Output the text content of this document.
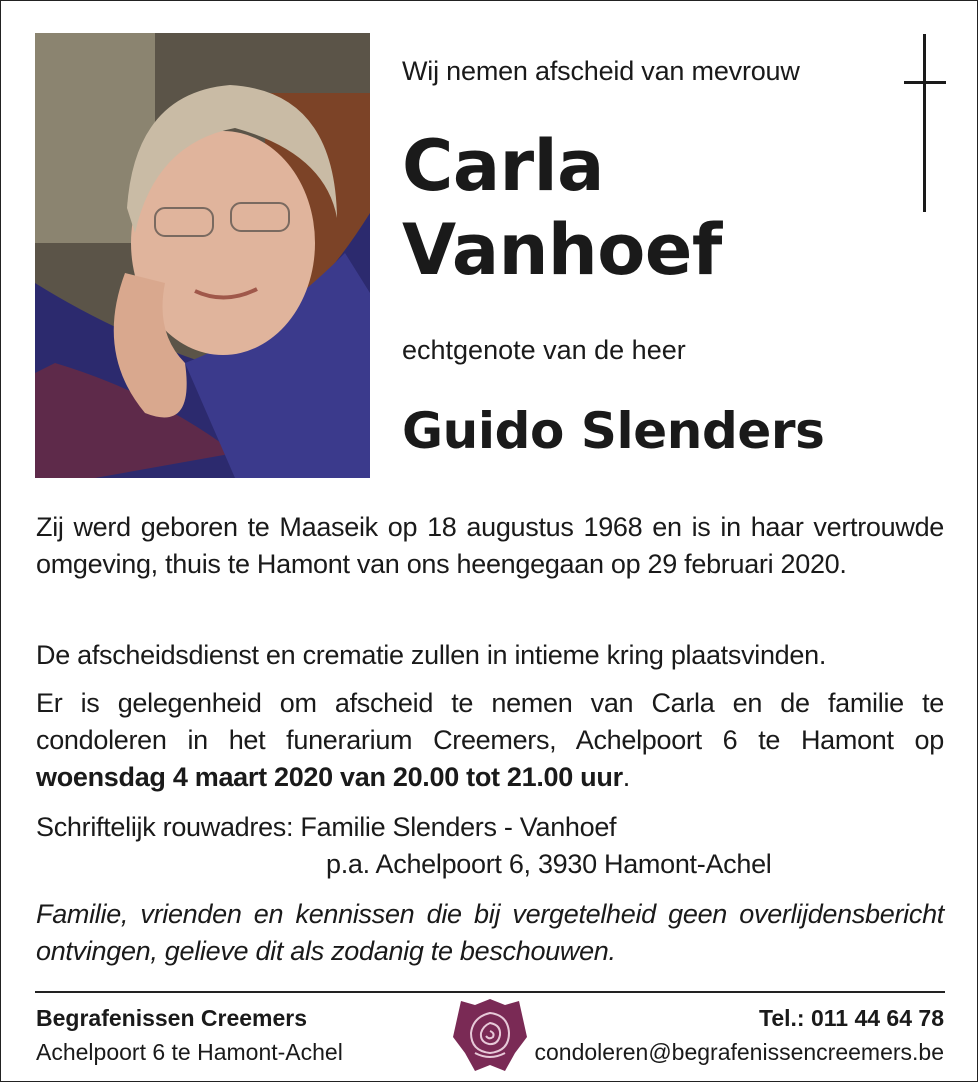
Wij nemen afscheid van mevrouw
Carla
Vanhoef
echtgenote van de heer
Guido Slenders
Zij werd geboren te Maaseik op 18 augustus 1968 en is in haar vertrouwde omgeving, thuis te Hamont van ons heengegaan op 29 februari 2020.
De afscheidsdienst en crematie zullen in intieme kring plaatsvinden.
Er is gelegenheid om afscheid te nemen van Carla en de familie te condoleren in het funerarium Creemers, Achelpoort 6 te Hamont op woensdag 4 maart 2020 van 20.00 tot 21.00 uur.
Schriftelijk rouwadres: Familie Slenders - Vanhoef
p.a. Achelpoort 6, 3930 Hamont-Achel
Familie, vrienden en kennissen die bij vergetelheid geen overlijdensbericht ontvingen, gelieve dit als zodanig te beschouwen.
Begrafenissen Creemers
Achelpoort 6 te Hamont-Achel
Tel.: 011 44 64 78
condoleren@begrafenissencreemers.be
